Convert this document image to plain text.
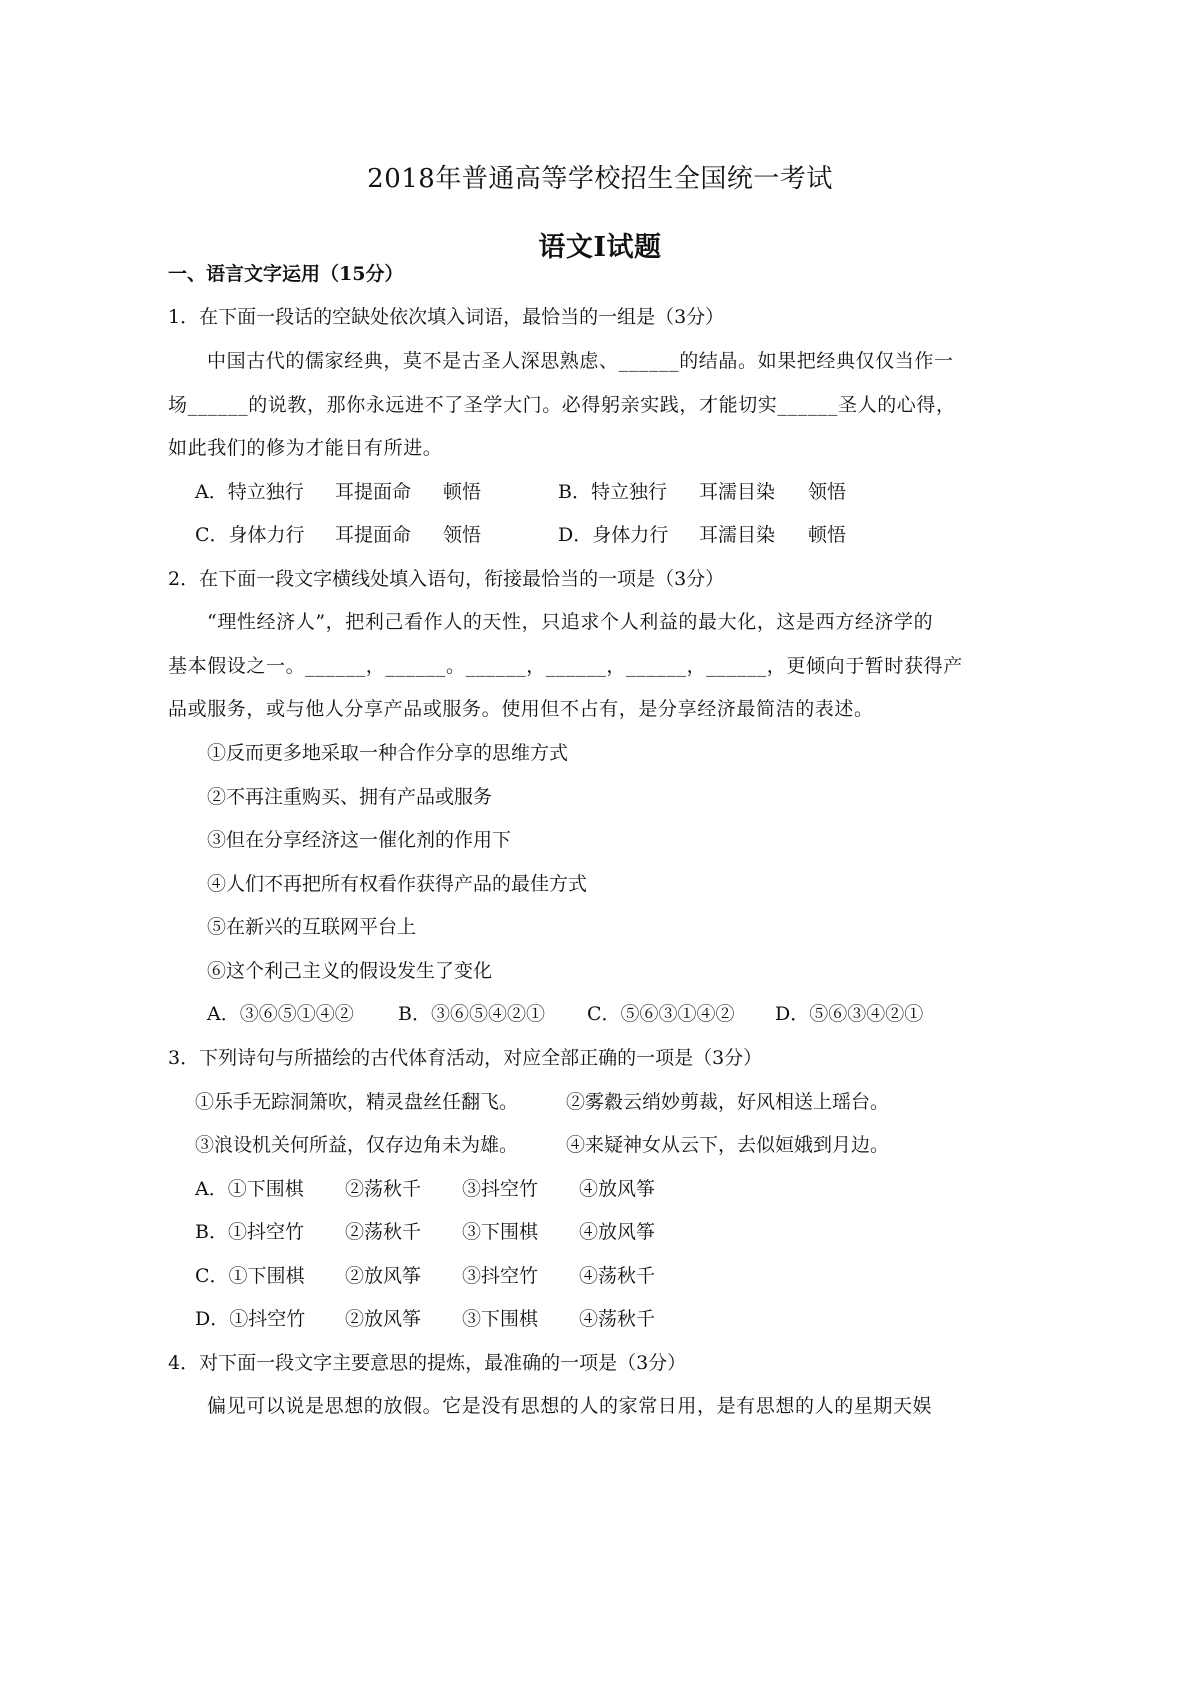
2018年普通高等学校招生全国统一考试
语文Ⅰ试题
一、语言文字运用（15分）
1．在下面一段话的空缺处依次填入词语，最恰当的一组是（3分）
中国古代的儒家经典，莫不是古圣人深思熟虑、______的结晶。如果把经典仅仅当作一
场______的说教，那你永远进不了圣学大门。必得躬亲实践，才能切实______圣人的心得，
如此我们的修为才能日有所进。
A．特立独行 耳提面命 顿悟	B．特立独行 耳濡目染 领悟
C．身体力行 耳提面命 领悟	D．身体力行 耳濡目染 顿悟
2．在下面一段文字横线处填入语句，衔接最恰当的一项是（3分）
“理性经济人”，把利己看作人的天性，只追求个人利益的最大化，这是西方经济学的
基本假设之一。______，______。______，______，______，______，更倾向于暂时获得产
品或服务，或与他人分享产品或服务。使用但不占有，是分享经济最简洁的表述。
①反而更多地采取一种合作分享的思维方式
②不再注重购买、拥有产品或服务
③但在分享经济这一催化剂的作用下
④人们不再把所有权看作获得产品的最佳方式
⑤在新兴的互联网平台上
⑥这个利己主义的假设发生了变化
A．③⑥⑤①④② B．③⑥⑤④②① C．⑤⑥③①④② D．⑤⑥③④②①
3．下列诗句与所描绘的古代体育活动，对应全部正确的一项是（3分）
①乐手无踪洞箫吹，精灵盘丝任翻飞。	②雾縠云绡妙剪裁，好风相送上瑶台。
③浪设机关何所益，仅存边角未为雄。	④来疑神女从云下，去似姮娥到月边。
A．①下围棋 ②荡秋千 ③抖空竹 ④放风筝
B．①抖空竹 ②荡秋千 ③下围棋 ④放风筝
C．①下围棋 ②放风筝 ③抖空竹 ④荡秋千
D．①抖空竹 ②放风筝 ③下围棋 ④荡秋千
4．对下面一段文字主要意思的提炼，最准确的一项是（3分）
偏见可以说是思想的放假。它是没有思想的人的家常日用，是有思想的人的星期天娱
